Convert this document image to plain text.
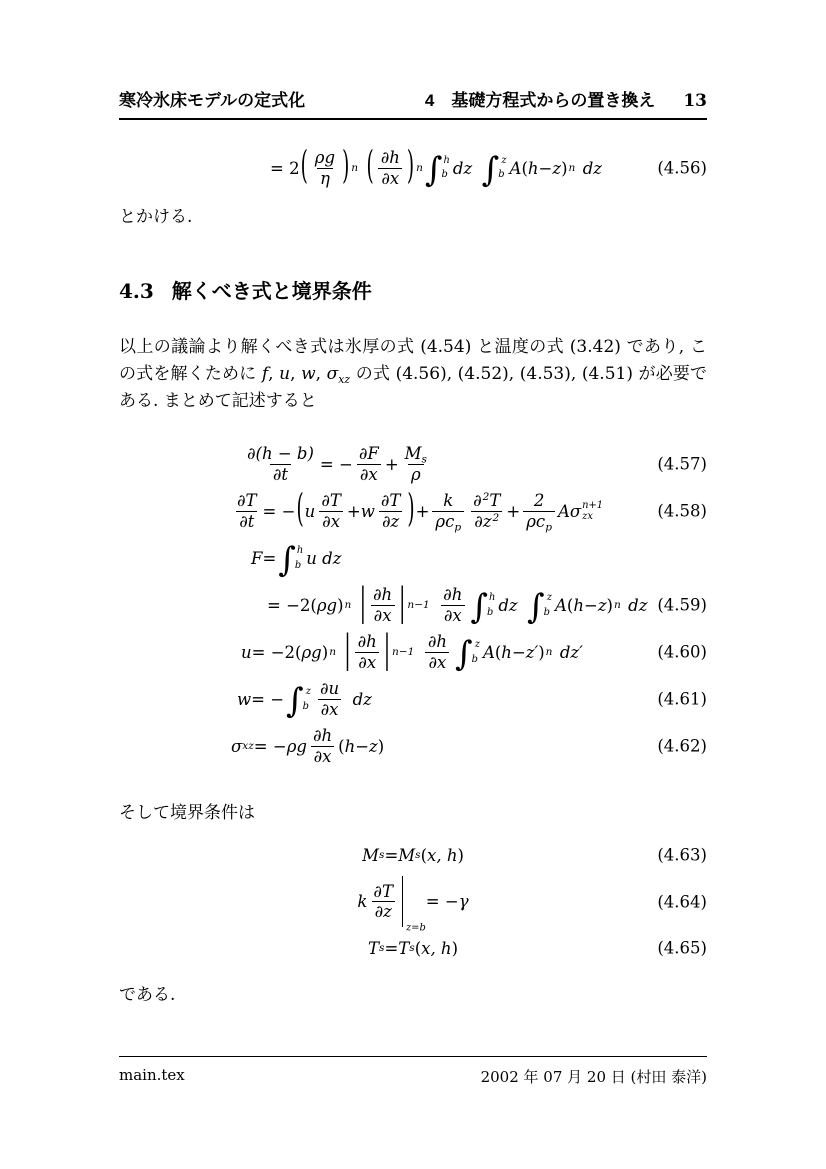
寒冷氷床モデルの定式化	4　基礎方程式からの置き換え 13
= 2 ( $\frac{\rho g}{\eta}$ ) n ( $\frac{\partial h}{\partial x}$ ) n ∫ h
b dz ∫ z
b A ( h − z ) n dz	(4.56)

とかける.

4.3 解くべき式と境界条件

以上の議論より解くべき式は氷厚の式 (4.54) と温度の式 (3.42) であり, この式を解くために f, u, w, $\sigma_{xz}$ の式 (4.56), (4.52), (4.53), (4.51) が必要である. まとめて記述すると

$\frac{\partial(h - b)}{\partial t}$ = − $\frac{\partial F}{\partial x} + \frac{M_s}{\rho}$	(4.57)
$\frac{\partial T}{\partial t}$ = − ( u $\frac{\partial T}{\partial x} + w \frac{\partial T}{\partial z}$ ) + $\frac{k}{\rho c_p} \frac{\partial^2T}{\partial z^2} + \frac{2}{\rho c_p}$ Aσ n+1
zx	(4.58)
F = ∫ h
b u dz
= −2( ρg ) n | $\frac{\partial h}{\partial x}$ | $n-1 \frac{\partial h}{\partial x}$ ∫ h
b dz ∫ z
b A ( h − z ) n dz (4.59)
u = −2( ρg ) n | $\frac{\partial h}{\partial x}$ | $n-1 \frac{\partial h}{\partial x}$ ∫ z
b A ( h − z′ ) n dz′	(4.60)
w = − ∫ z
b $\frac{\partial u}{\partial x}$ dz	(4.61)
σ xz = − ρg $\frac{\partial h}{\partial x}$ ( h − z )	(4.62)

そして境界条件は

M s = M s ( x, h )	(4.63)
k $\frac{\partial T}{\partial z}$
z=b
= − γ	(4.64)
T s = T s ( x, h )	(4.65)

である.

main.tex	2002 年 07 月 20 日 (村田 泰洋)
